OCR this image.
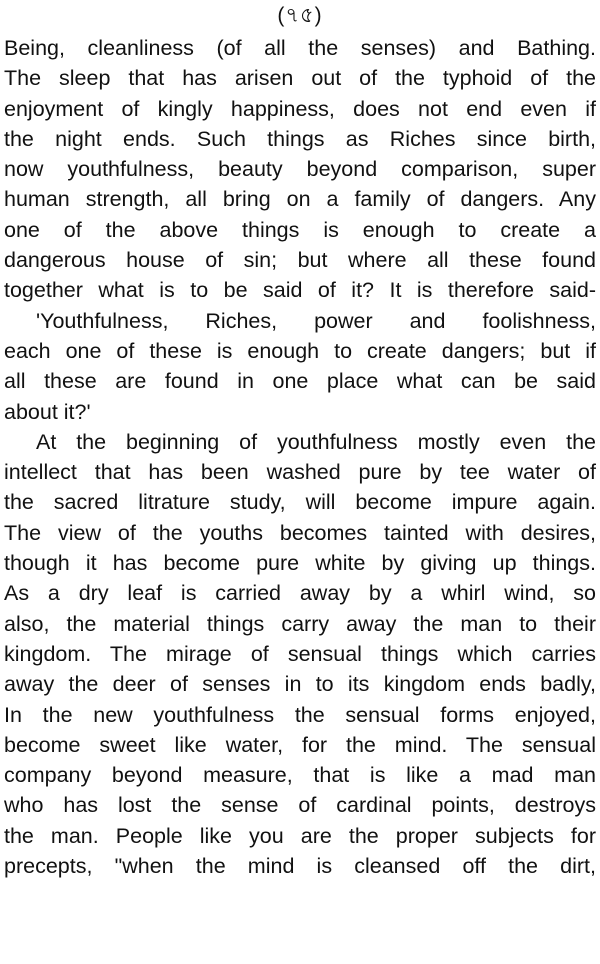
(৭৫)
Being, cleanliness (of all the senses) and Bathing.
The sleep that has arisen out of the typhoid of the
enjoyment of kingly happiness, does not end even if
the night ends. Such things as Riches since birth,
now youthfulness, beauty beyond comparison, super
human strength, all bring on a family of dangers. Any
one of the above things is enough to create a
dangerous house of sin; but where all these found
together what is to be said of it? It is therefore said-
'Youthfulness, Riches, power and foolishness,
each one of these is enough to create dangers; but if
all these are found in one place what can be said
about it?'
At the beginning of youthfulness mostly even the
intellect that has been washed pure by tee water of
the sacred litrature study, will become impure again.
The view of the youths becomes tainted with desires,
though it has become pure white by giving up things.
As a dry leaf is carried away by a whirl wind, so
also, the material things carry away the man to their
kingdom. The mirage of sensual things which carries
away the deer of senses in to its kingdom ends badly,
In the new youthfulness the sensual forms enjoyed,
become sweet like water, for the mind. The sensual
company beyond measure, that is like a mad man
who has lost the sense of cardinal points, destroys
the man. People like you are the proper subjects for
precepts, "when the mind is cleansed off the dirt,
